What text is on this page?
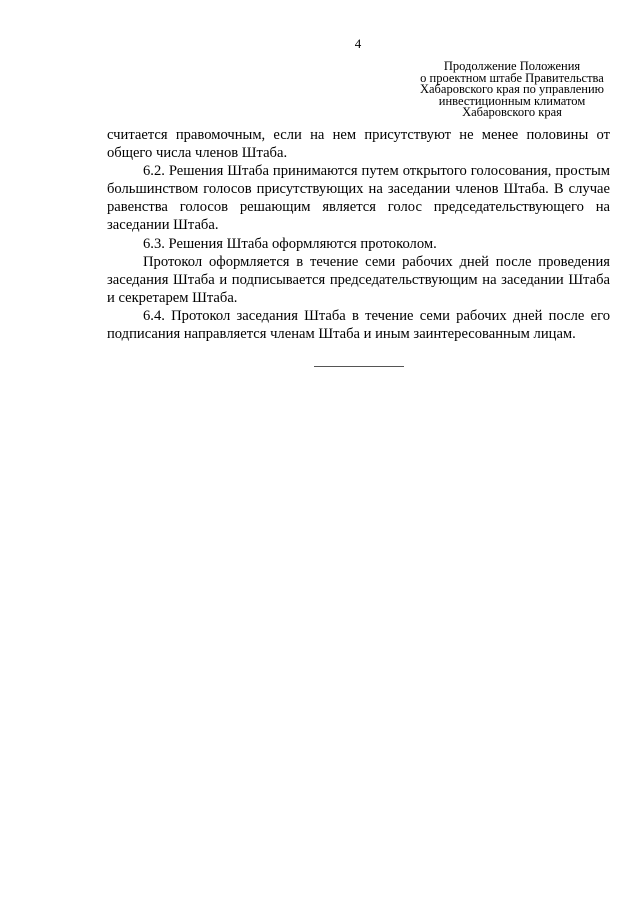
4
Продолжение Положения
о проектном штабе Правительства
Хабаровского края по управлению
инвестиционным климатом
Хабаровского края

считается правомочным, если на нем присутствуют не менее половины от общего числа членов Штаба.

6.2. Решения Штаба принимаются путем открытого голосования, простым большинством голосов присутствующих на заседании членов Штаба. В случае равенства голосов решающим является голос председательствующего на заседании Штаба.

6.3. Решения Штаба оформляются протоколом.

Протокол оформляется в течение семи рабочих дней после проведения заседания Штаба и подписывается председательствующим на заседании Штаба и секретарем Штаба.

6.4. Протокол заседания Штаба в течение семи рабочих дней после его подписания направляется членам Штаба и иным заинтересованным лицам.
